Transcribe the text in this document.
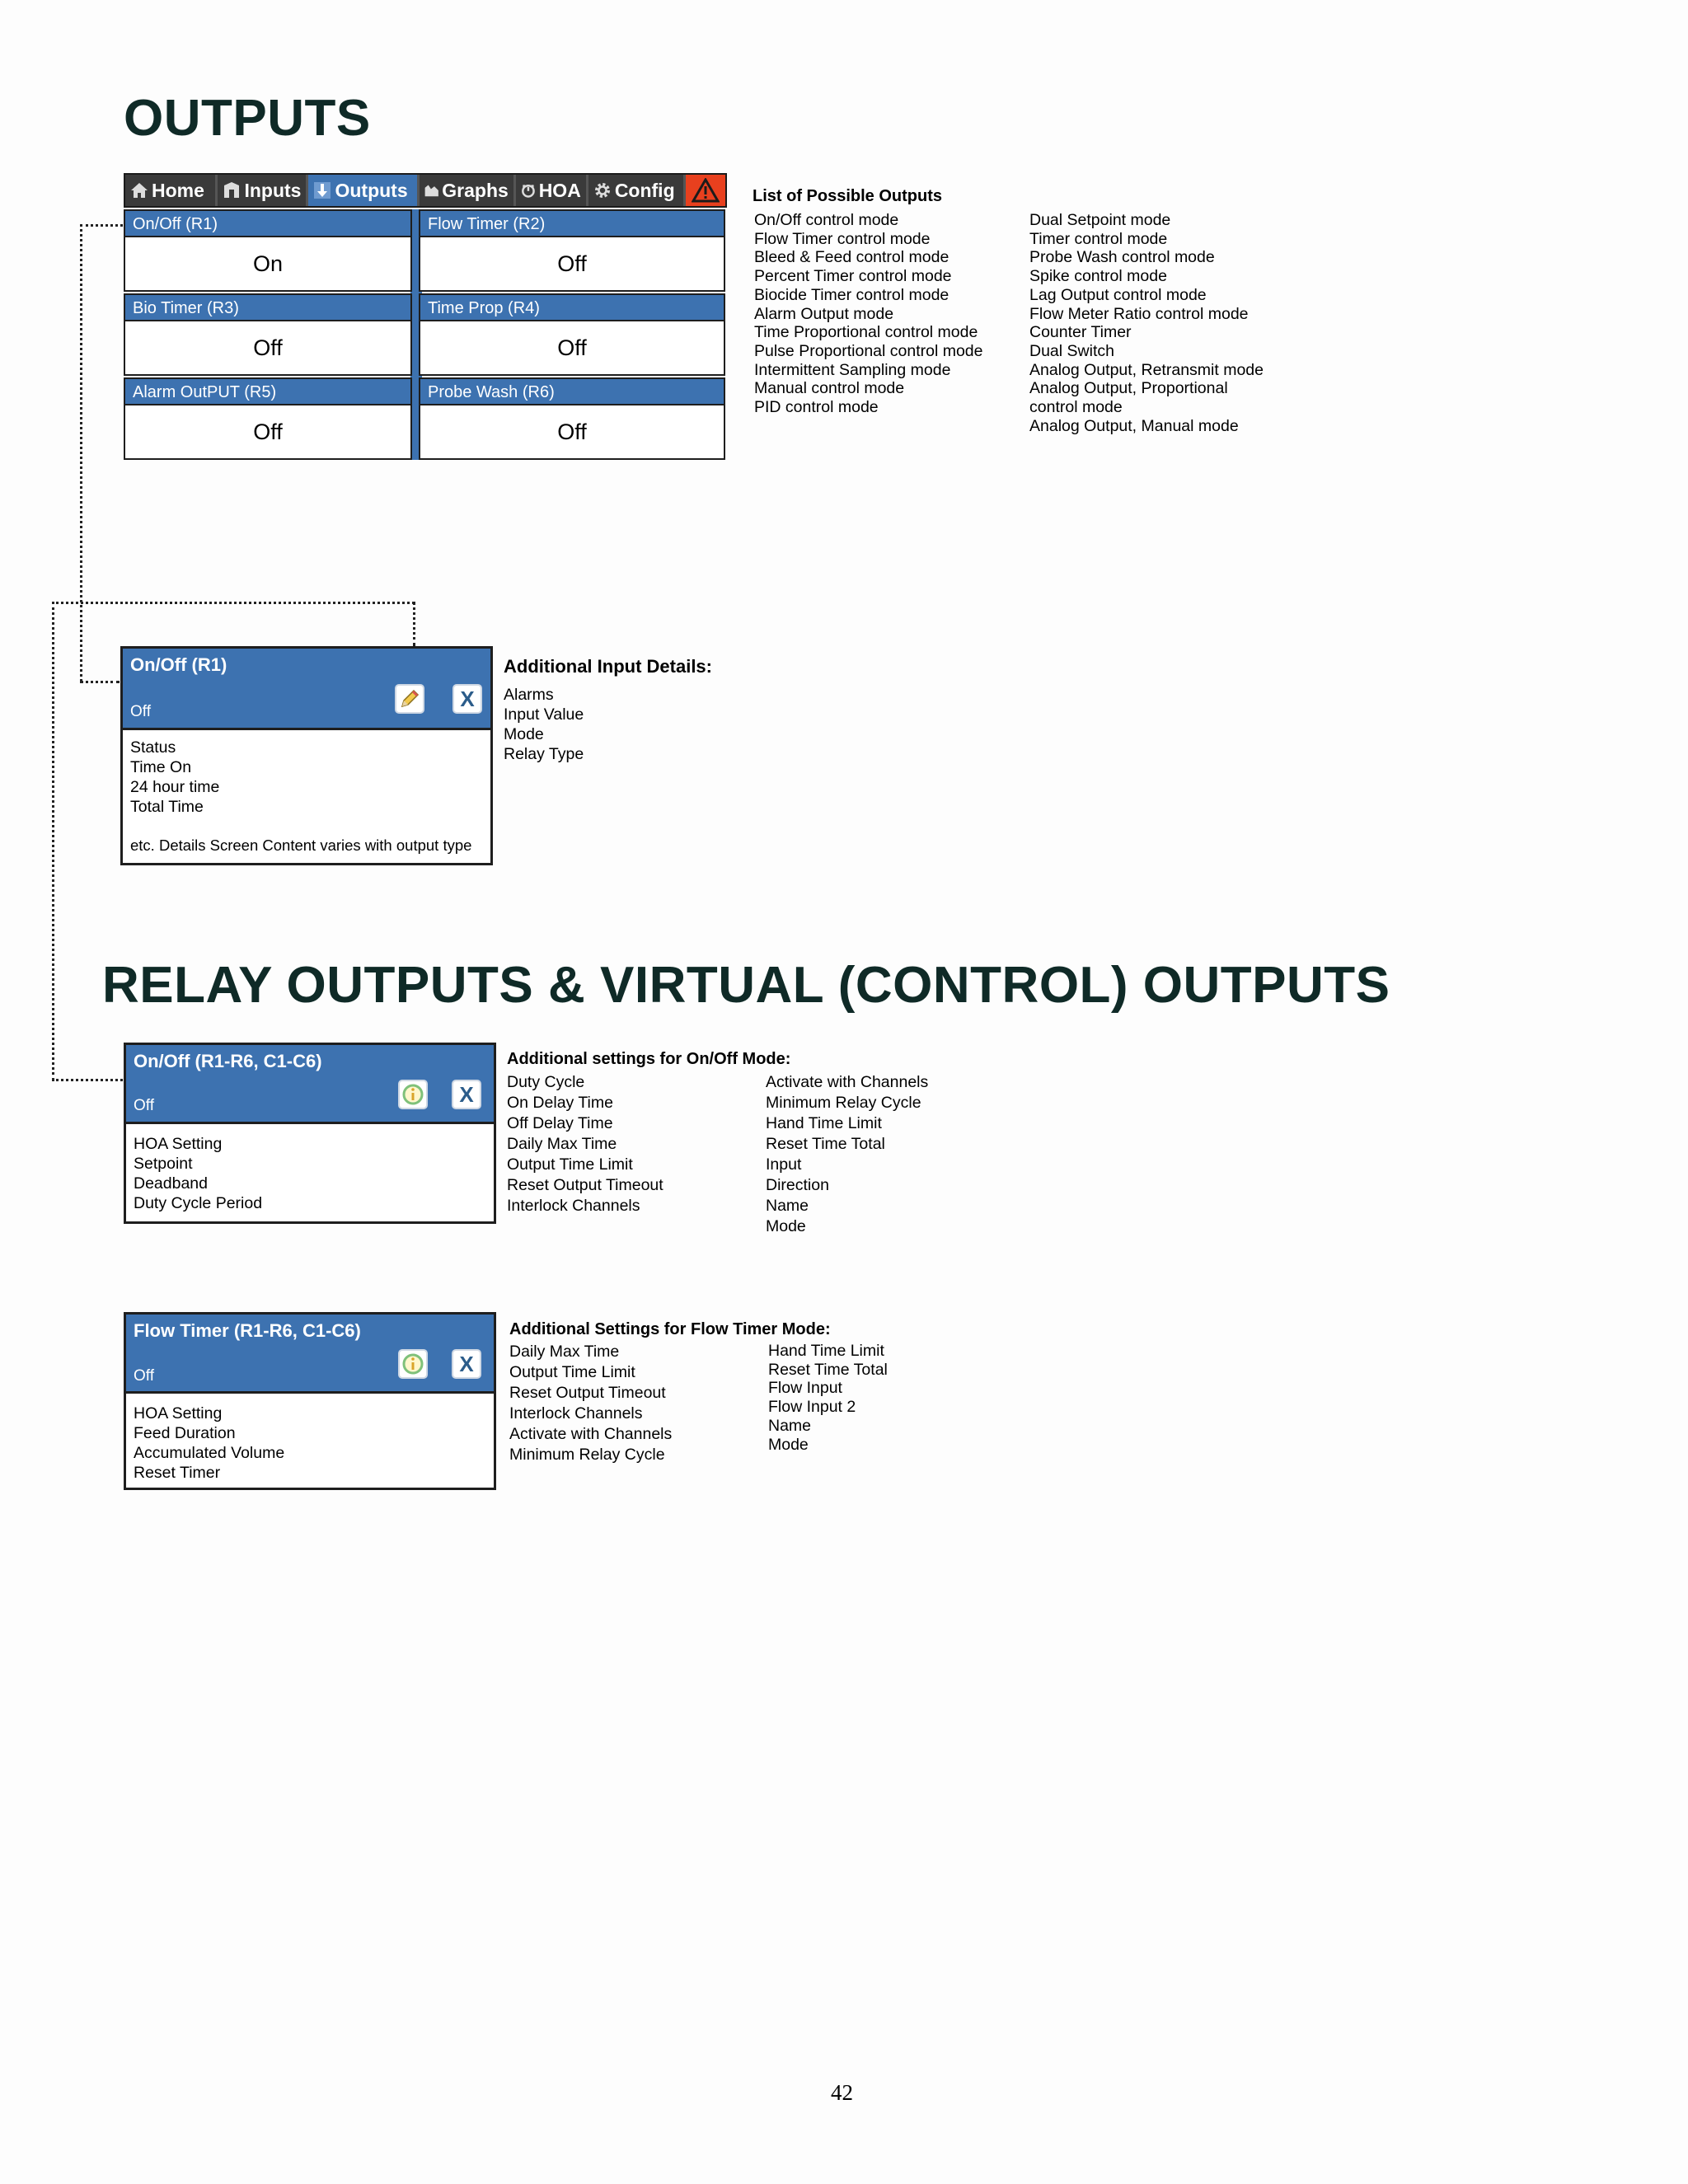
OUTPUTS
RELAY OUTPUTS & VIRTUAL (CONTROL) OUTPUTS
Home Inputs Outputs Graphs HOA Config
On/Off (R1)
On
Flow Timer (R2)
Off
Bio Timer (R3)
Off
Time Prop (R4)
Off
Alarm OutPUT (R5)
Off
Probe Wash (R6)
Off
List of Possible Outputs
On/Off control mode
Flow Timer control mode
Bleed & Feed control mode
Percent Timer control mode
Biocide Timer control mode
Alarm Output mode
Time Proportional control mode
Pulse Proportional control mode
Intermittent Sampling mode
Manual control mode
PID control mode
Dual Setpoint mode
Timer control mode
Probe Wash control mode
Spike control mode
Lag Output control mode
Flow Meter Ratio control mode
Counter Timer
Dual Switch
Analog Output, Retransmit mode
Analog Output, Proportional
control mode
Analog Output, Manual mode
On/Off (R1)
Off
X
Status
Time On
24 hour time
Total Time
etc. Details Screen Content varies with output type
Additional Input Details:
Alarms
Input Value
Mode
Relay Type
On/Off (R1-R6, C1-C6)
Off	X
HOA Setting
Setpoint
Deadband
Duty Cycle Period
Additional settings for On/Off Mode:
Duty Cycle
On Delay Time
Off Delay Time
Daily Max Time
Output Time Limit
Reset Output Timeout
Interlock Channels
Activate with Channels
Minimum Relay Cycle
Hand Time Limit
Reset Time Total
Input
Direction
Name
Mode
Flow Timer (R1-R6, C1-C6)
Off	X
HOA Setting
Feed Duration
Accumulated Volume
Reset Timer
Additional Settings for Flow Timer Mode:
Daily Max Time
Output Time Limit
Reset Output Timeout
Interlock Channels
Activate with Channels
Minimum Relay Cycle
Hand Time Limit
Reset Time Total
Flow Input
Flow Input 2
Name
Mode
42
